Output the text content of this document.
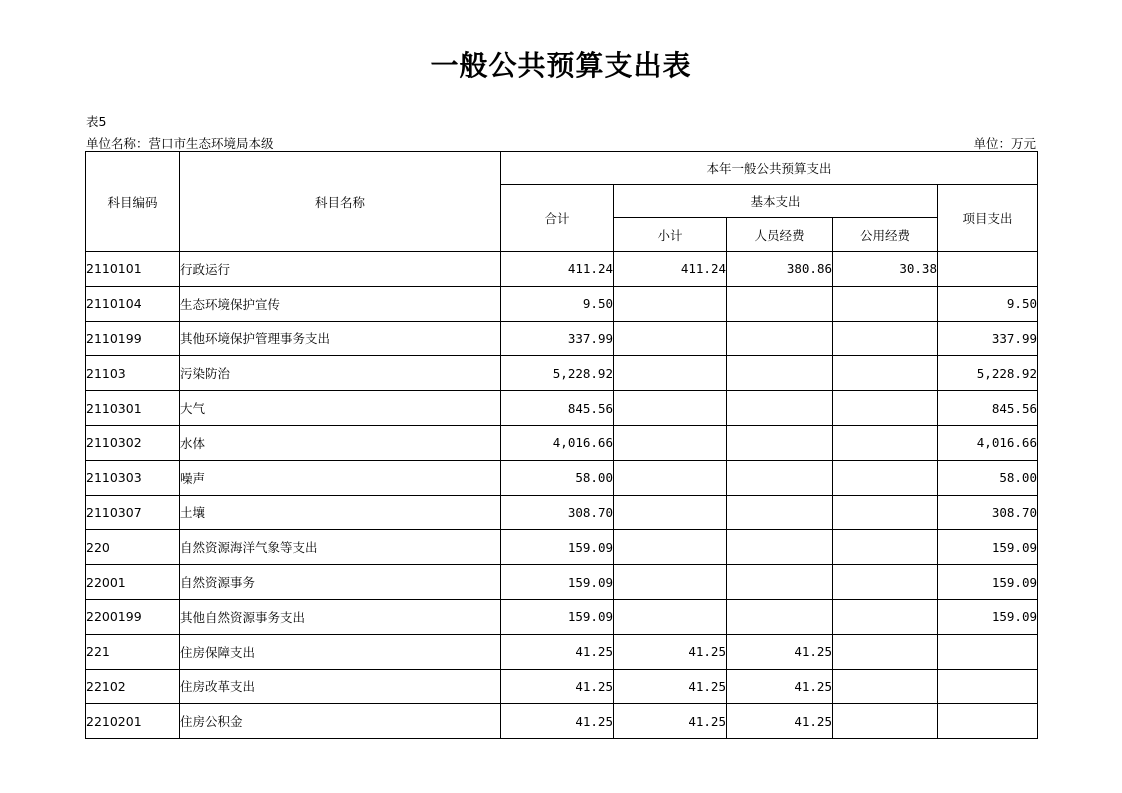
一般公共预算支出表
表5
单位名称：营口市生态环境局本级	单位：万元
科目编码	科目名称	本年一般公共预算支出				
		合计	基本支出			项目支出
			小计	人员经费	公用经费	
2110101	行政运行	411.24	411.24	380.86	30.38	
2110104	生态环境保护宣传	9.50				9.50
2110199	其他环境保护管理事务支出	337.99				337.99
21103	污染防治	5,228.92				5,228.92
2110301	大气	845.56				845.56
2110302	水体	4,016.66				4,016.66
2110303	噪声	58.00				58.00
2110307	土壤	308.70				308.70
220	自然资源海洋气象等支出	159.09				159.09
22001	自然资源事务	159.09				159.09
2200199	其他自然资源事务支出	159.09				159.09
221	住房保障支出	41.25	41.25	41.25		
22102	住房改革支出	41.25	41.25	41.25		
2210201	住房公积金	41.25	41.25	41.25		
